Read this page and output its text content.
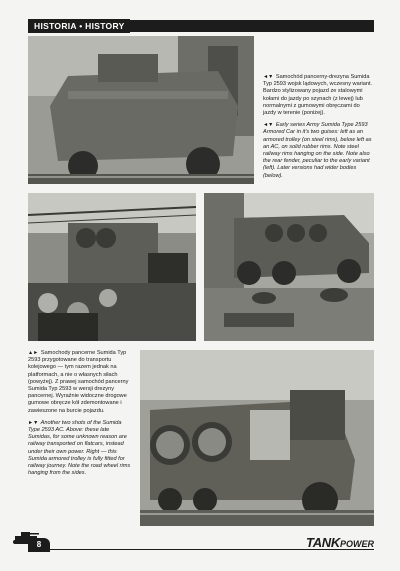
HISTORIA • HISTORY

◄▼ Samochód pancerny-drezyna Sumida Typ 2593 wojsk lądowych, wczesny wariant. Bardzo stylizowany pojazd ze stalowymi kołami do jazdy po szynach (z lewej) lub normalnymi z gumowymi obręczami do jazdy w terenie (poniżej).

◄▼ Early series Army Sumida Type 2593 Armored Car in it's two guises: left as an armored trolley (on steel rims), below left as an AC, on solid rubber rims. Note steel railway rims hanging on the side. Note also the rear fender, peculiar to the early variant (left). Later versions had wider bodies (below).

▲► Samochody pancerne Sumida Typ 2593 przygotowane do transportu kolejowego — tym razem jednak na platformach, a nie o własnych siłach (powyżej). Z prawej samochód pancerny Sumida Typ 2593 w wersji drezyny pancernej. Wyraźnie widoczne drogowe gumowe obręcze kół zdemontowane i zawieszone na burcie pojazdu.

►▼ Another two shots of the Sumida Type 2593 AC. Above: these late Sumidas, for some unknown reason are railway transported on flatcars, instead under their own power. Right — this Sumida armored trolley is fully fitted for railway journey. Note the road wheel rims hanging from the sides.

8	TANKPOWER
